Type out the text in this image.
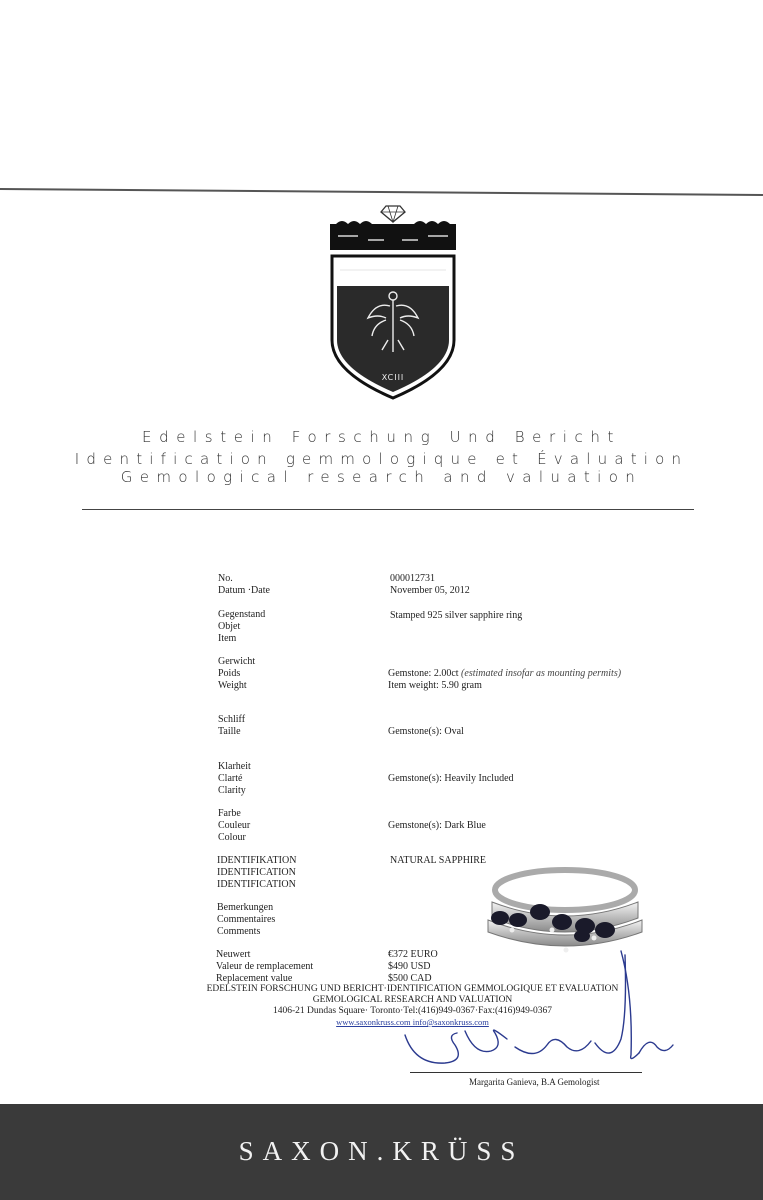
XCIII
Edelstein Forschung Und Bericht
Identification gemmologique et Évaluation
Gemological research and valuation
No.
Datum ·Date
000012731
November 05, 2012
Gegenstand
Objet
Item
Stamped 925 silver sapphire ring
Gerwicht
Poids
Weight
Gemstone: 2.00ct (estimated insofar as mounting permits)
Item weight: 5.90 gram
Schliff
Taille	Gemstone(s): Oval
Klarheit
Clarté
Clarity
Gemstone(s): Heavily Included
Farbe
Couleur
Colour
Gemstone(s): Dark Blue
IDENTIFIKATION
IDENTIFICATION
IDENTIFICATION
NATURAL SAPPHIRE
Bemerkungen
Commentaires
Comments
Neuwert
Valeur de remplacement
Replacement value
€372 EURO
$490 USD
$500 CAD
EDELSTEIN FORSCHUNG UND BERICHT·IDENTIFICATION GEMMOLOGIQUE ET EVALUATION
GEMOLOGICAL RESEARCH AND VALUATION
1406-21 Dundas Square· Toronto·Tel:(416)949-0367·Fax:(416)949-0367
www.saxonkruss.com info@saxonkruss.com
Margarita Ganieva, B.A Gemologist
SAXON.KRÜSS
